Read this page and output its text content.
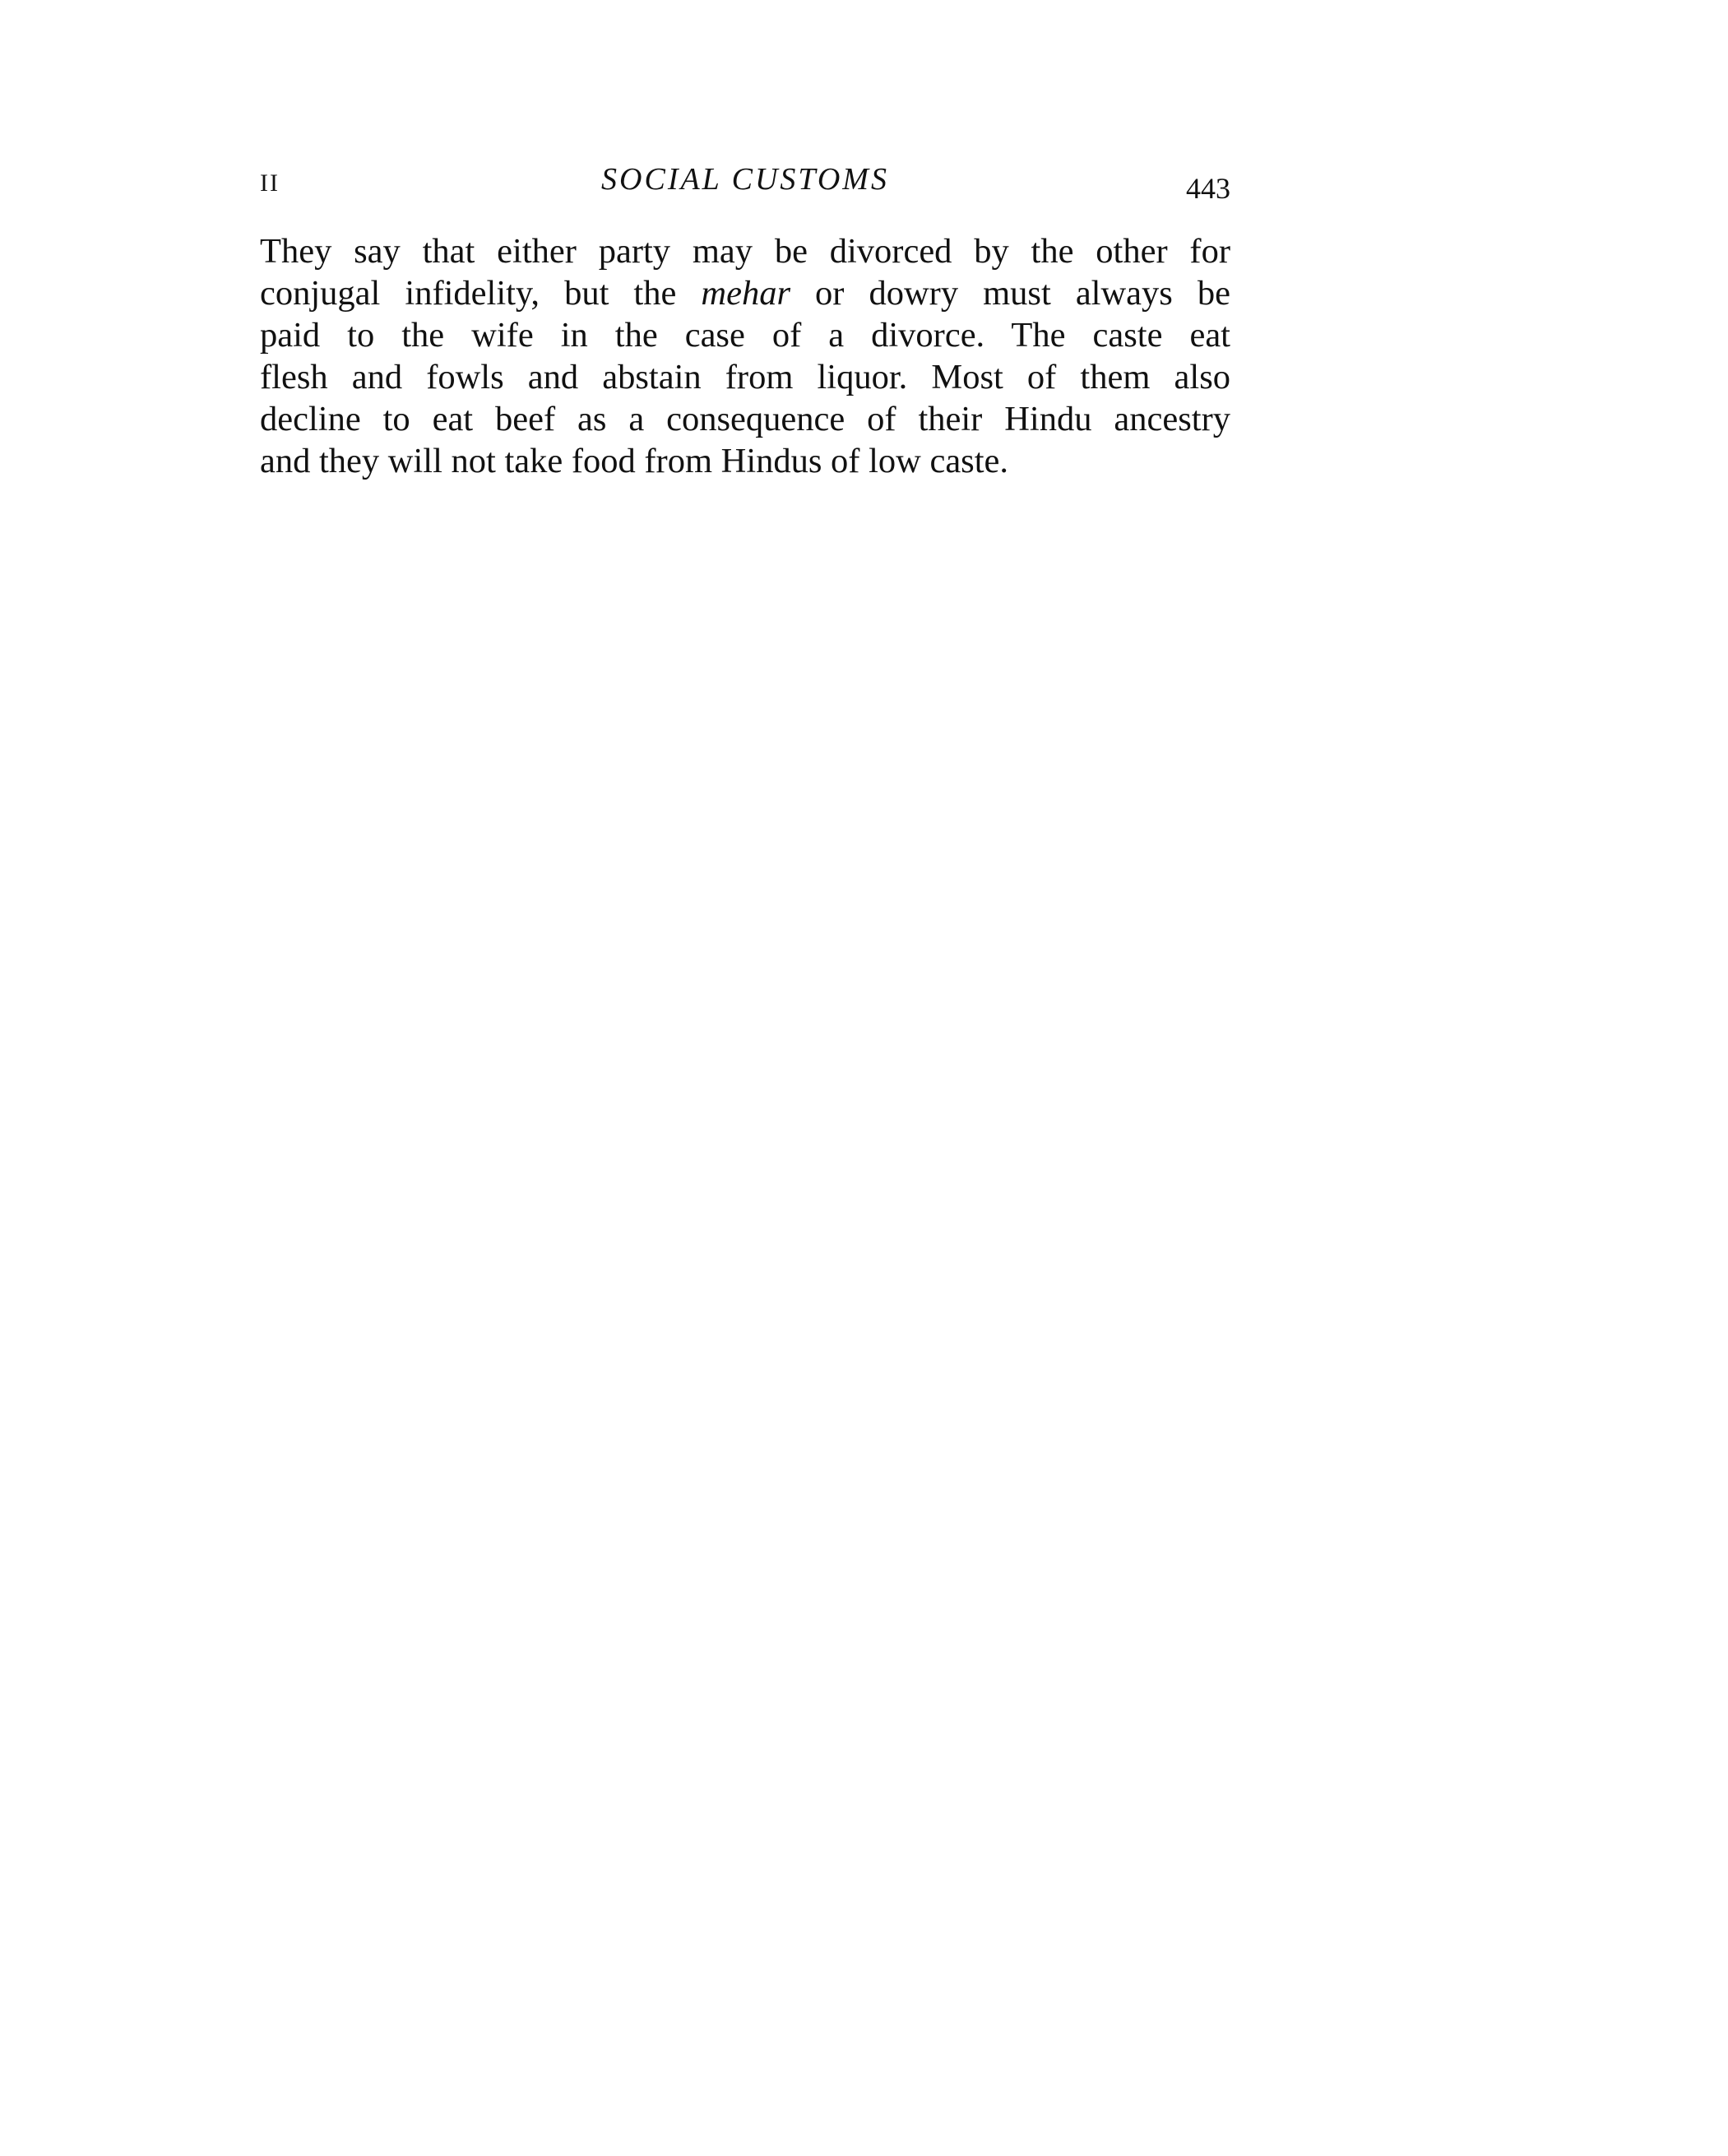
II	SOCIAL CUSTOMS	443
They say that either party may be divorced by the other for
conjugal infidelity, but the mehar or dowry must always be
paid to the wife in the case of a divorce. The caste eat
flesh and fowls and abstain from liquor. Most of them also
decline to eat beef as a consequence of their Hindu ancestry
and they will not take food from Hindus of low caste.
